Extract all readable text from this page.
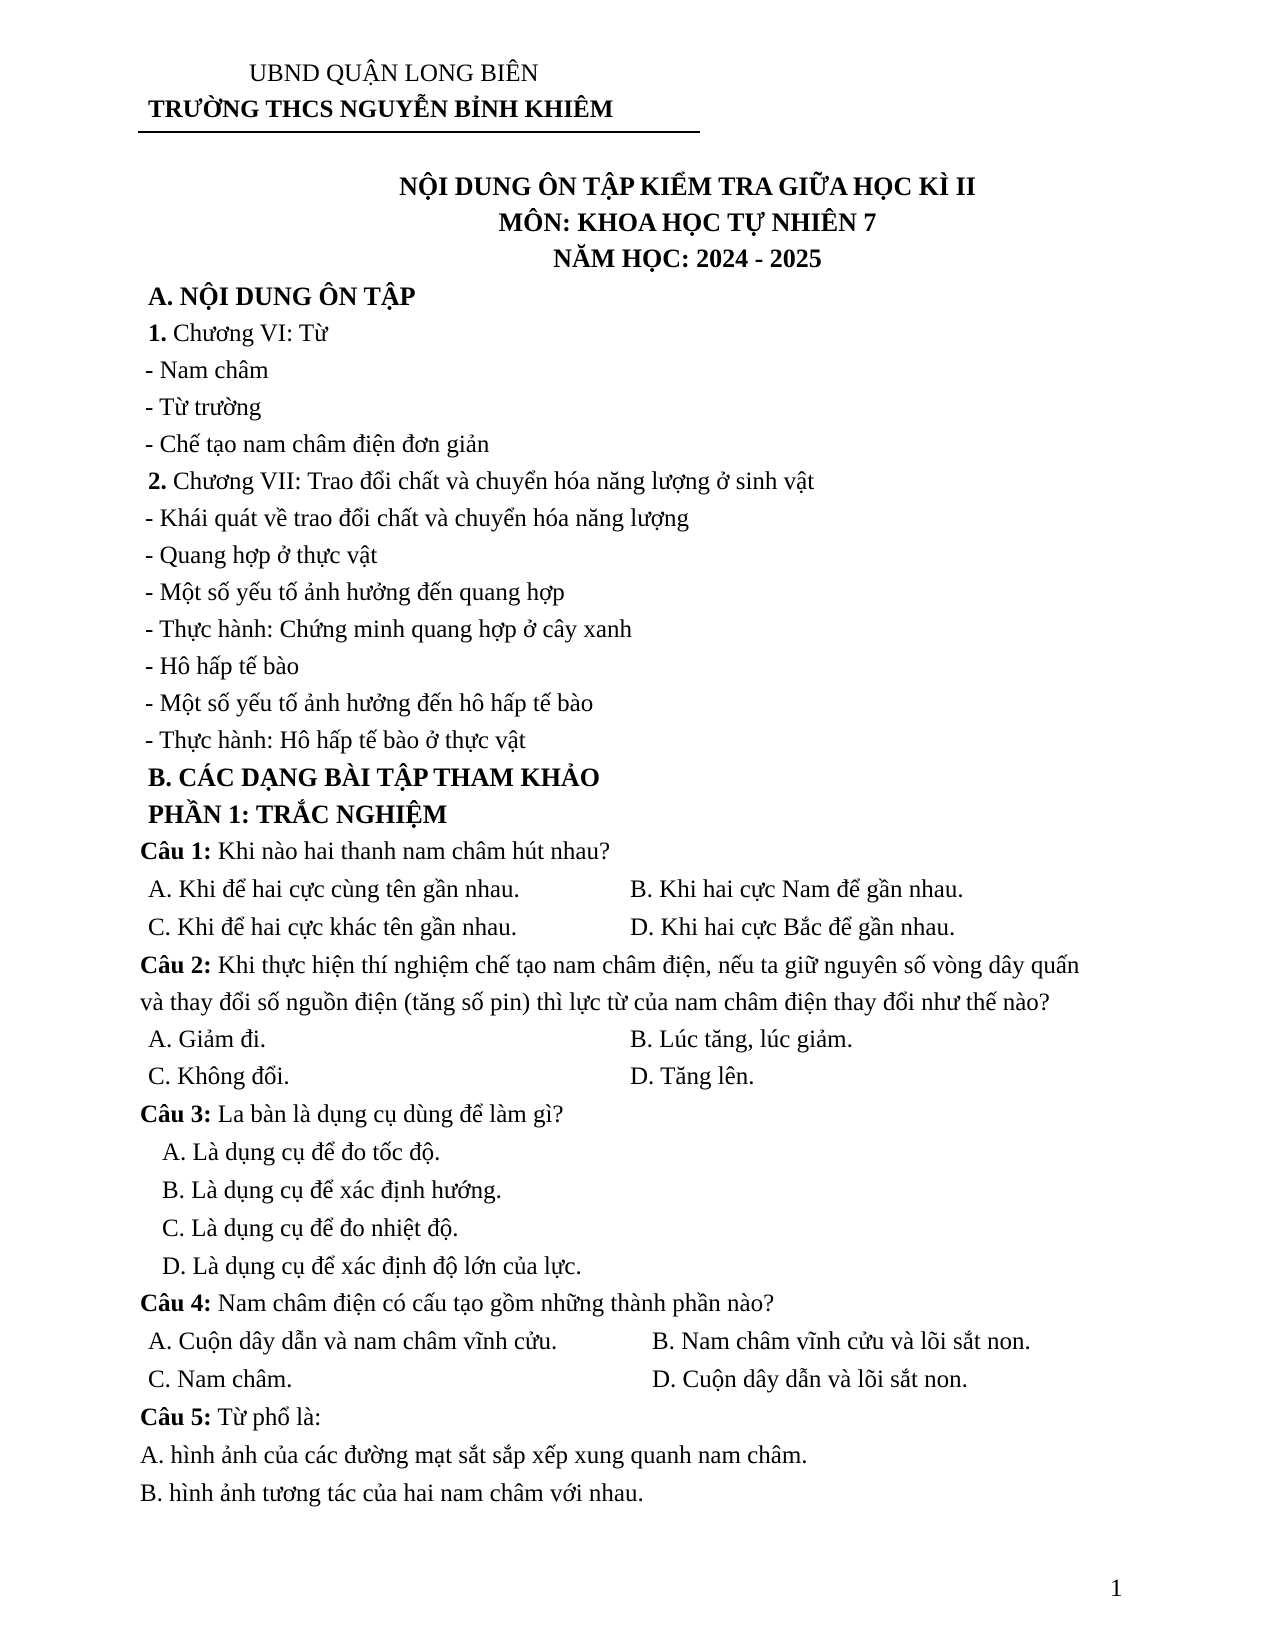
UBND QUẬN LONG BIÊN
TRƯỜNG THCS NGUYỄN BỈNH KHIÊM
NỘI DUNG ÔN TẬP KIỂM TRA GIỮA HỌC KÌ II
MÔN: KHOA HỌC TỰ NHIÊN 7
NĂM HỌC: 2024 - 2025
A. NỘI DUNG ÔN TẬP
1. Chương VI: Từ
- Nam châm
- Từ trường
- Chế tạo nam châm điện đơn giản
2. Chương VII: Trao đổi chất và chuyển hóa năng lượng ở sinh vật
- Khái quát về trao đổi chất và chuyển hóa năng lượng
- Quang hợp ở thực vật
- Một số yếu tố ảnh hưởng đến quang hợp
- Thực hành: Chứng minh quang hợp ở cây xanh
- Hô hấp tế bào
- Một số yếu tố ảnh hưởng đến hô hấp tế bào
- Thực hành: Hô hấp tế bào ở thực vật
B. CÁC DẠNG BÀI TẬP THAM KHẢO
PHẦN 1: TRẮC NGHIỆM
Câu 1: Khi nào hai thanh nam châm hút nhau?
A. Khi để hai cực cùng tên gần nhau.	B. Khi hai cực Nam để gần nhau.
C. Khi để hai cực khác tên gần nhau.	D. Khi hai cực Bắc để gần nhau.
Câu 2: Khi thực hiện thí nghiệm chế tạo nam châm điện, nếu ta giữ nguyên số vòng dây quấn
và thay đổi số nguồn điện (tăng số pin) thì lực từ của nam châm điện thay đổi như thế nào?
A. Giảm đi.	B. Lúc tăng, lúc giảm.
C. Không đổi.	D. Tăng lên.
Câu 3: La bàn là dụng cụ dùng để làm gì?
A. Là dụng cụ để đo tốc độ.
B. Là dụng cụ để xác định hướng.
C. Là dụng cụ để đo nhiệt độ.
D. Là dụng cụ để xác định độ lớn của lực.
Câu 4: Nam châm điện có cấu tạo gồm những thành phần nào?
A. Cuộn dây dẫn và nam châm vĩnh cửu.	B. Nam châm vĩnh cửu và lõi sắt non.
C. Nam châm.	D. Cuộn dây dẫn và lõi sắt non.
Câu 5: Từ phổ là:
A. hình ảnh của các đường mạt sắt sắp xếp xung quanh nam châm.
B. hình ảnh tương tác của hai nam châm với nhau.
1
